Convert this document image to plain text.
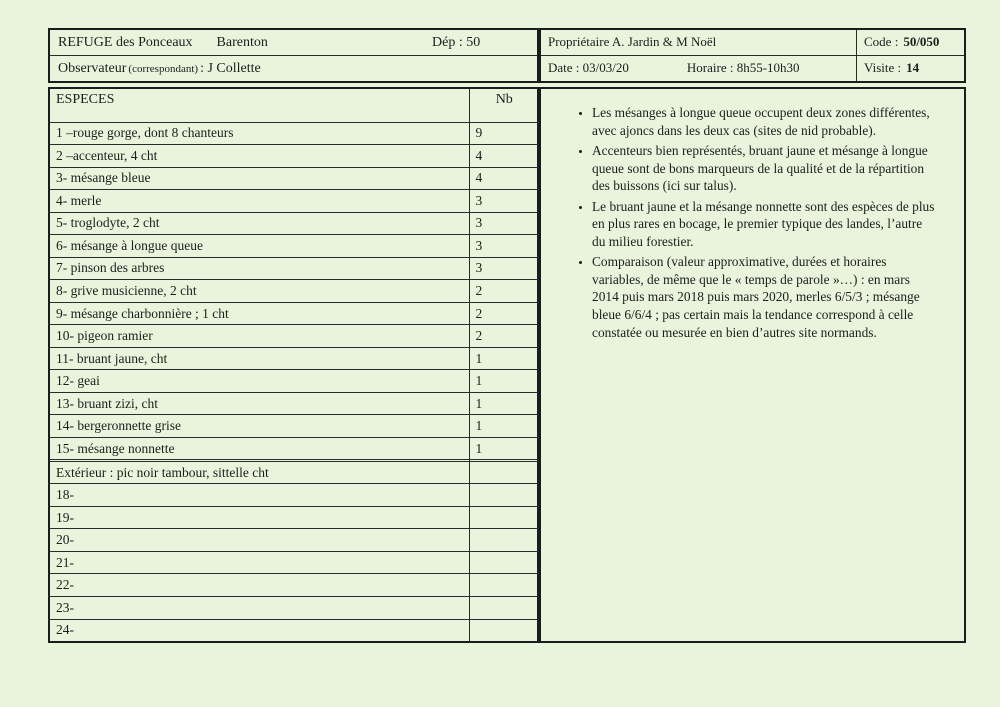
REFUGE des Ponceaux Barenton	Dép : 50
Observateur (correspondant) : J Collette
Propriétaire A. Jardin & M Noël	Code : 50/050
Date : 03/03/20	Horaire : 8h55-10h30	Visite : 14
ESPECES	Nb
1 –rouge gorge, dont 8 chanteurs	9
2 –accenteur, 4 cht	4
3- mésange bleue	4
4- merle	3
5- troglodyte, 2 cht	3
6- mésange à longue queue	3
7- pinson des arbres	3
8- grive musicienne, 2 cht	2
9- mésange charbonnière ; 1 cht	2
10- pigeon ramier	2
11- bruant jaune, cht	1
12- geai	1
13- bruant zizi, cht	1
14- bergeronnette grise	1
15- mésange nonnette	1

Extérieur : pic noir tambour, sittelle cht	
18-	
19-	
20-	
21-	
22-	
23-	
24-	
• Les mésanges à longue queue occupent deux zones différentes, avec ajoncs dans les deux cas (sites de nid probable).
• Accenteurs bien représentés, bruant jaune et mésange à longue queue sont de bons marqueurs de la qualité et de la répartition des buissons (ici sur talus).
• Le bruant jaune et la mésange nonnette sont des espèces de plus en plus rares en bocage, le premier typique des landes, l’autre du milieu forestier.
• Comparaison (valeur approximative, durées et horaires variables, de même que le « temps de parole »…) : en mars 2014 puis mars 2018 puis mars 2020, merles 6/5/3 ; mésange bleue 6/6/4 ; pas certain mais la tendance correspond à celle constatée ou mesurée en bien d’autres site normands.
